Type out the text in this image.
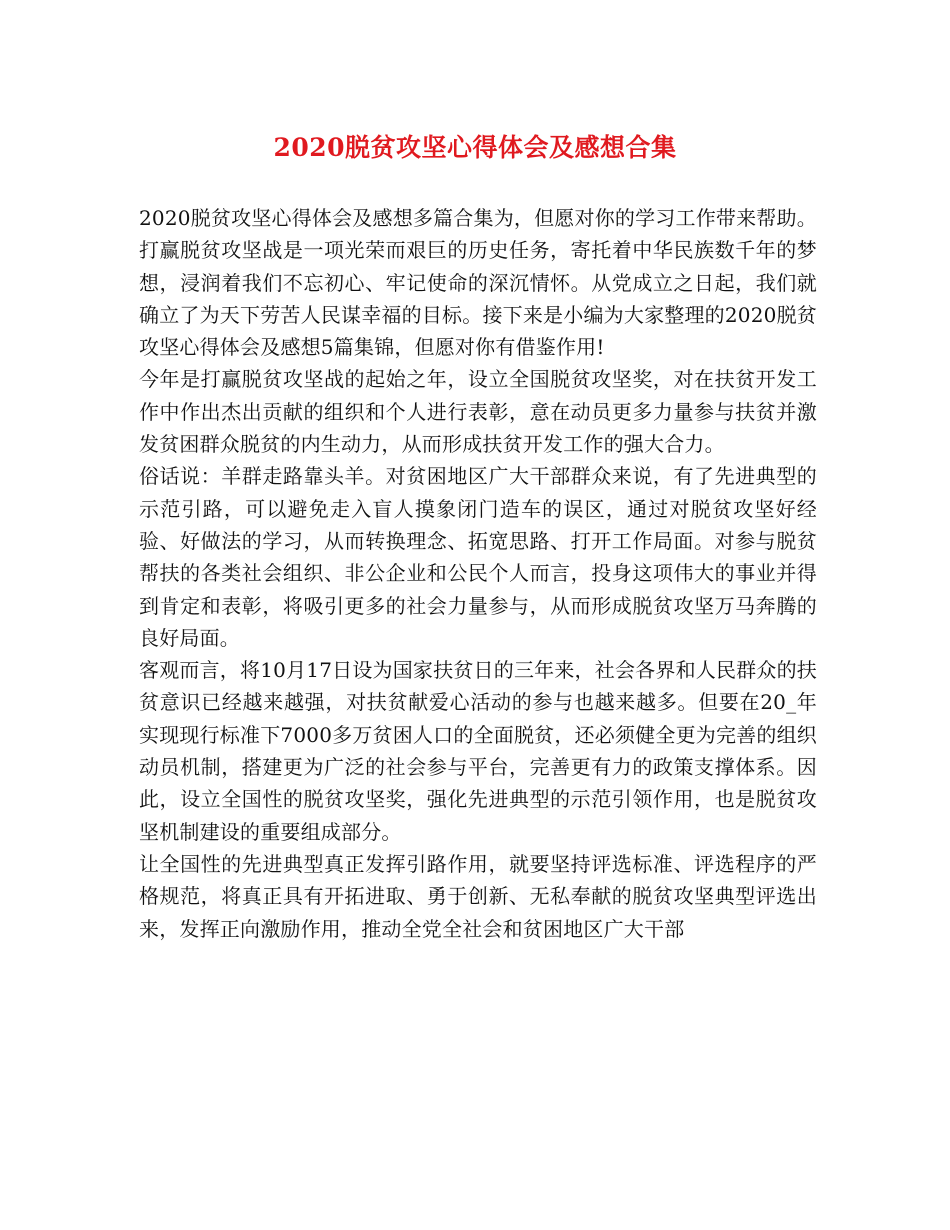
2020脱贫攻坚心得体会及感想合集

2020脱贫攻坚心得体会及感想多篇合集为，但愿对你的学习工作带来帮助。

打赢脱贫攻坚战是一项光荣而艰巨的历史任务，寄托着中华民族数千年的梦想，浸润着我们不忘初心、牢记使命的深沉情怀。从党成立之日起，我们就确立了为天下劳苦人民谋幸福的目标。接下来是小编为大家整理的2020脱贫攻坚心得体会及感想5篇集锦，但愿对你有借鉴作用!

今年是打赢脱贫攻坚战的起始之年，设立全国脱贫攻坚奖，对在扶贫开发工作中作出杰出贡献的组织和个人进行表彰，意在动员更多力量参与扶贫并激发贫困群众脱贫的内生动力，从而形成扶贫开发工作的强大合力。

俗话说：羊群走路靠头羊。对贫困地区广大干部群众来说，有了先进典型的示范引路，可以避免走入盲人摸象闭门造车的误区，通过对脱贫攻坚好经验、好做法的学习，从而转换理念、拓宽思路、打开工作局面。对参与脱贫帮扶的各类社会组织、非公企业和公民个人而言，投身这项伟大的事业并得到肯定和表彰，将吸引更多的社会力量参与，从而形成脱贫攻坚万马奔腾的良好局面。

客观而言，将10月17日设为国家扶贫日的三年来，社会各界和人民群众的扶贫意识已经越来越强，对扶贫献爱心活动的参与也越来越多。但要在20_年实现现行标准下7000多万贫困人口的全面脱贫，还必须健全更为完善的组织动员机制，搭建更为广泛的社会参与平台，完善更有力的政策支撑体系。因此，设立全国性的脱贫攻坚奖，强化先进典型的示范引领作用，也是脱贫攻坚机制建设的重要组成部分。

让全国性的先进典型真正发挥引路作用，就要坚持评选标准、评选程序的严格规范，将真正具有开拓进取、勇于创新、无私奉献的脱贫攻坚典型评选出来，发挥正向激励作用，推动全党全社会和贫困地区广大干部
